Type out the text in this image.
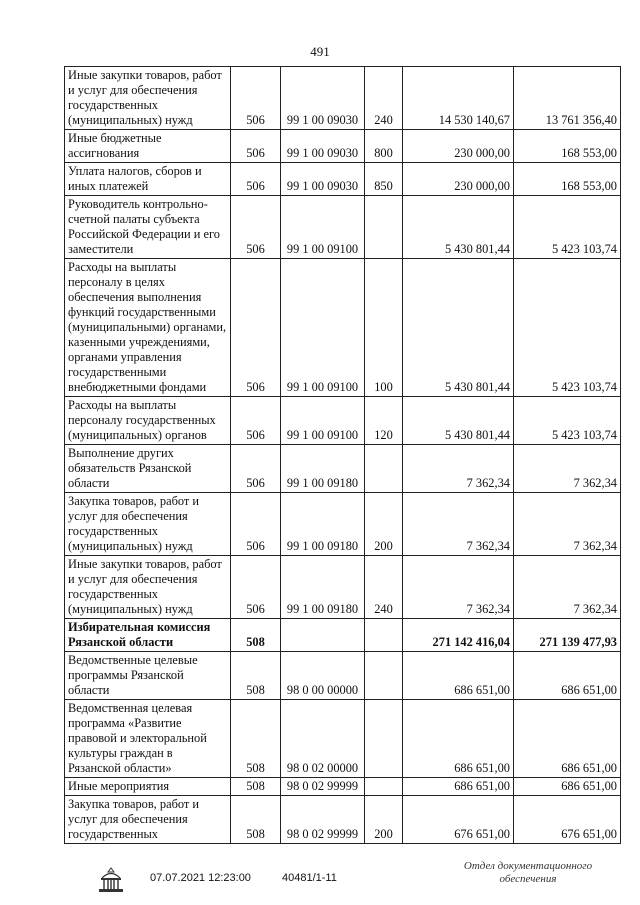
491
Иные закупки товаров, работ и услуг для обеспечения государственных (муниципальных) нужд	506	99 1 00 09030	240	14 530 140,67	13 761 356,40
Иные бюджетные ассигнования	506	99 1 00 09030	800	230 000,00	168 553,00
Уплата налогов, сборов и иных платежей	506	99 1 00 09030	850	230 000,00	168 553,00
Руководитель контрольно-счетной палаты субъекта Российской Федерации и его заместители	506	99 1 00 09100		5 430 801,44	5 423 103,74
Расходы на выплаты персоналу в целях обеспечения выполнения функций государственными (муниципальными) органами, казенными учреждениями, органами управления государственными внебюджетными фондами	506	99 1 00 09100	100	5 430 801,44	5 423 103,74
Расходы на выплаты персоналу государственных (муниципальных) органов	506	99 1 00 09100	120	5 430 801,44	5 423 103,74
Выполнение других обязательств Рязанской области	506	99 1 00 09180		7 362,34	7 362,34
Закупка товаров, работ и услуг для обеспечения государственных (муниципальных) нужд	506	99 1 00 09180	200	7 362,34	7 362,34
Иные закупки товаров, работ и услуг для обеспечения государственных (муниципальных) нужд	506	99 1 00 09180	240	7 362,34	7 362,34
Избирательная комиссия Рязанской области	508			271 142 416,04	271 139 477,93
Ведомственные целевые программы Рязанской области	508	98 0 00 00000		686 651,00	686 651,00
Ведомственная целевая программа «Развитие правовой и электоральной культуры граждан в Рязанской области»	508	98 0 02 00000		686 651,00	686 651,00
Иные мероприятия	508	98 0 02 99999		686 651,00	686 651,00
Закупка товаров, работ и услуг для обеспечения государственных	508	98 0 02 99999	200	676 651,00	676 651,00
07.07.2021 12:23:00	40481/1-11
Отдел документационного
обеспечения
